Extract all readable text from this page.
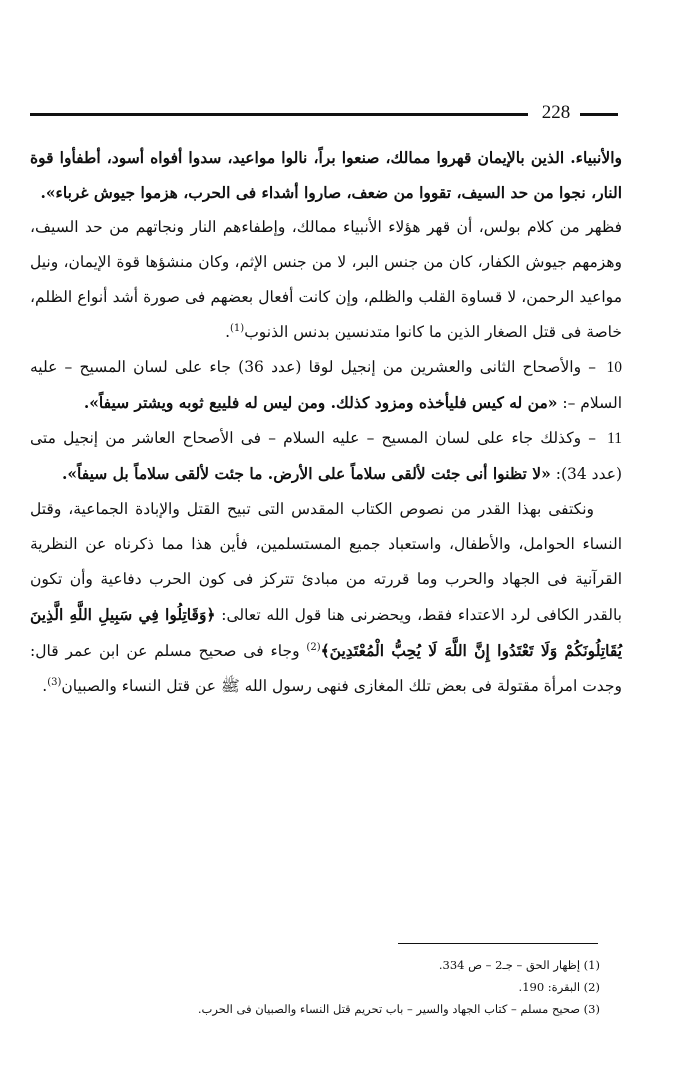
228

والأنبياء. الذين بالإيمان قهروا ممالك، صنعوا براً، نالوا مواعيد، سدوا أفواه أسود، أطفأوا قوة النار، نجوا من حد السيف، تقووا من ضعف، صاروا أشداء فى الحرب، هزموا جيوش غرباء».

فظهر من كلام بولس، أن قهر هؤلاء الأنبياء ممالك، وإطفاءهم النار ونجاتهم من حد السيف، وهزمهم جيوش الكفار، كان من جنس البر، لا من جنس الإثم، وكان منشؤها قوة الإيمان، ونيل مواعيد الرحمن، لا قساوة القلب والظلم، وإن كانت أفعال بعضهم فى صورة أشد أنواع الظلم، خاصة فى قتل الصغار الذين ما كانوا متدنسين بدنس الذنوب$^{(1)}$.

10– والأصحاح الثانى والعشرين من إنجيل لوقا (عدد 36) جاء على لسان المسيح – عليه السلام –: «من له كيس فليأخذه ومزود كذلك. ومن ليس له فليبع ثوبه ويشتر سيفاً».

11– وكذلك جاء على لسان المسيح – عليه السلام – فى الأصحاح العاشر من إنجيل متى (عدد 34): «لا تظنوا أنى جئت لألقى سلاماً على الأرض. ما جئت لألقى سلاماً بل سيفاً».

ونكتفى بهذا القدر من نصوص الكتاب المقدس التى تبيح القتل والإبادة الجماعية، وقتل النساء الحوامل، والأطفال، واستعباد جميع المستسلمين، فأين هذا مما ذكرناه عن النظرية القرآنية فى الجهاد والحرب وما قررته من مبادئ تتركز فى كون الحرب دفاعية وأن تكون بالقدر الكافى لرد الاعتداء فقط، ويحضرنى هنا قول الله تعالى: ﴿وَقَاتِلُوا فِي سَبِيلِ اللَّهِ الَّذِينَ يُقَاتِلُونَكُمْ وَلَا تَعْتَدُوا إِنَّ اللَّهَ لَا يُحِبُّ الْمُعْتَدِينَ﴾$^{(2)}$ وجاء فى صحيح مسلم عن ابن عمر قال: وجدت امرأة مقتولة فى بعض تلك المغازى فنهى رسول الله ﷺ عن قتل النساء والصبيان$^{(3)}$.

(1) إظهار الحق – جـ2 – ص 334.

(2) البقرة: 190.

(3) صحيح مسلم – كتاب الجهاد والسير – باب تحريم قتل النساء والصبيان فى الحرب.
